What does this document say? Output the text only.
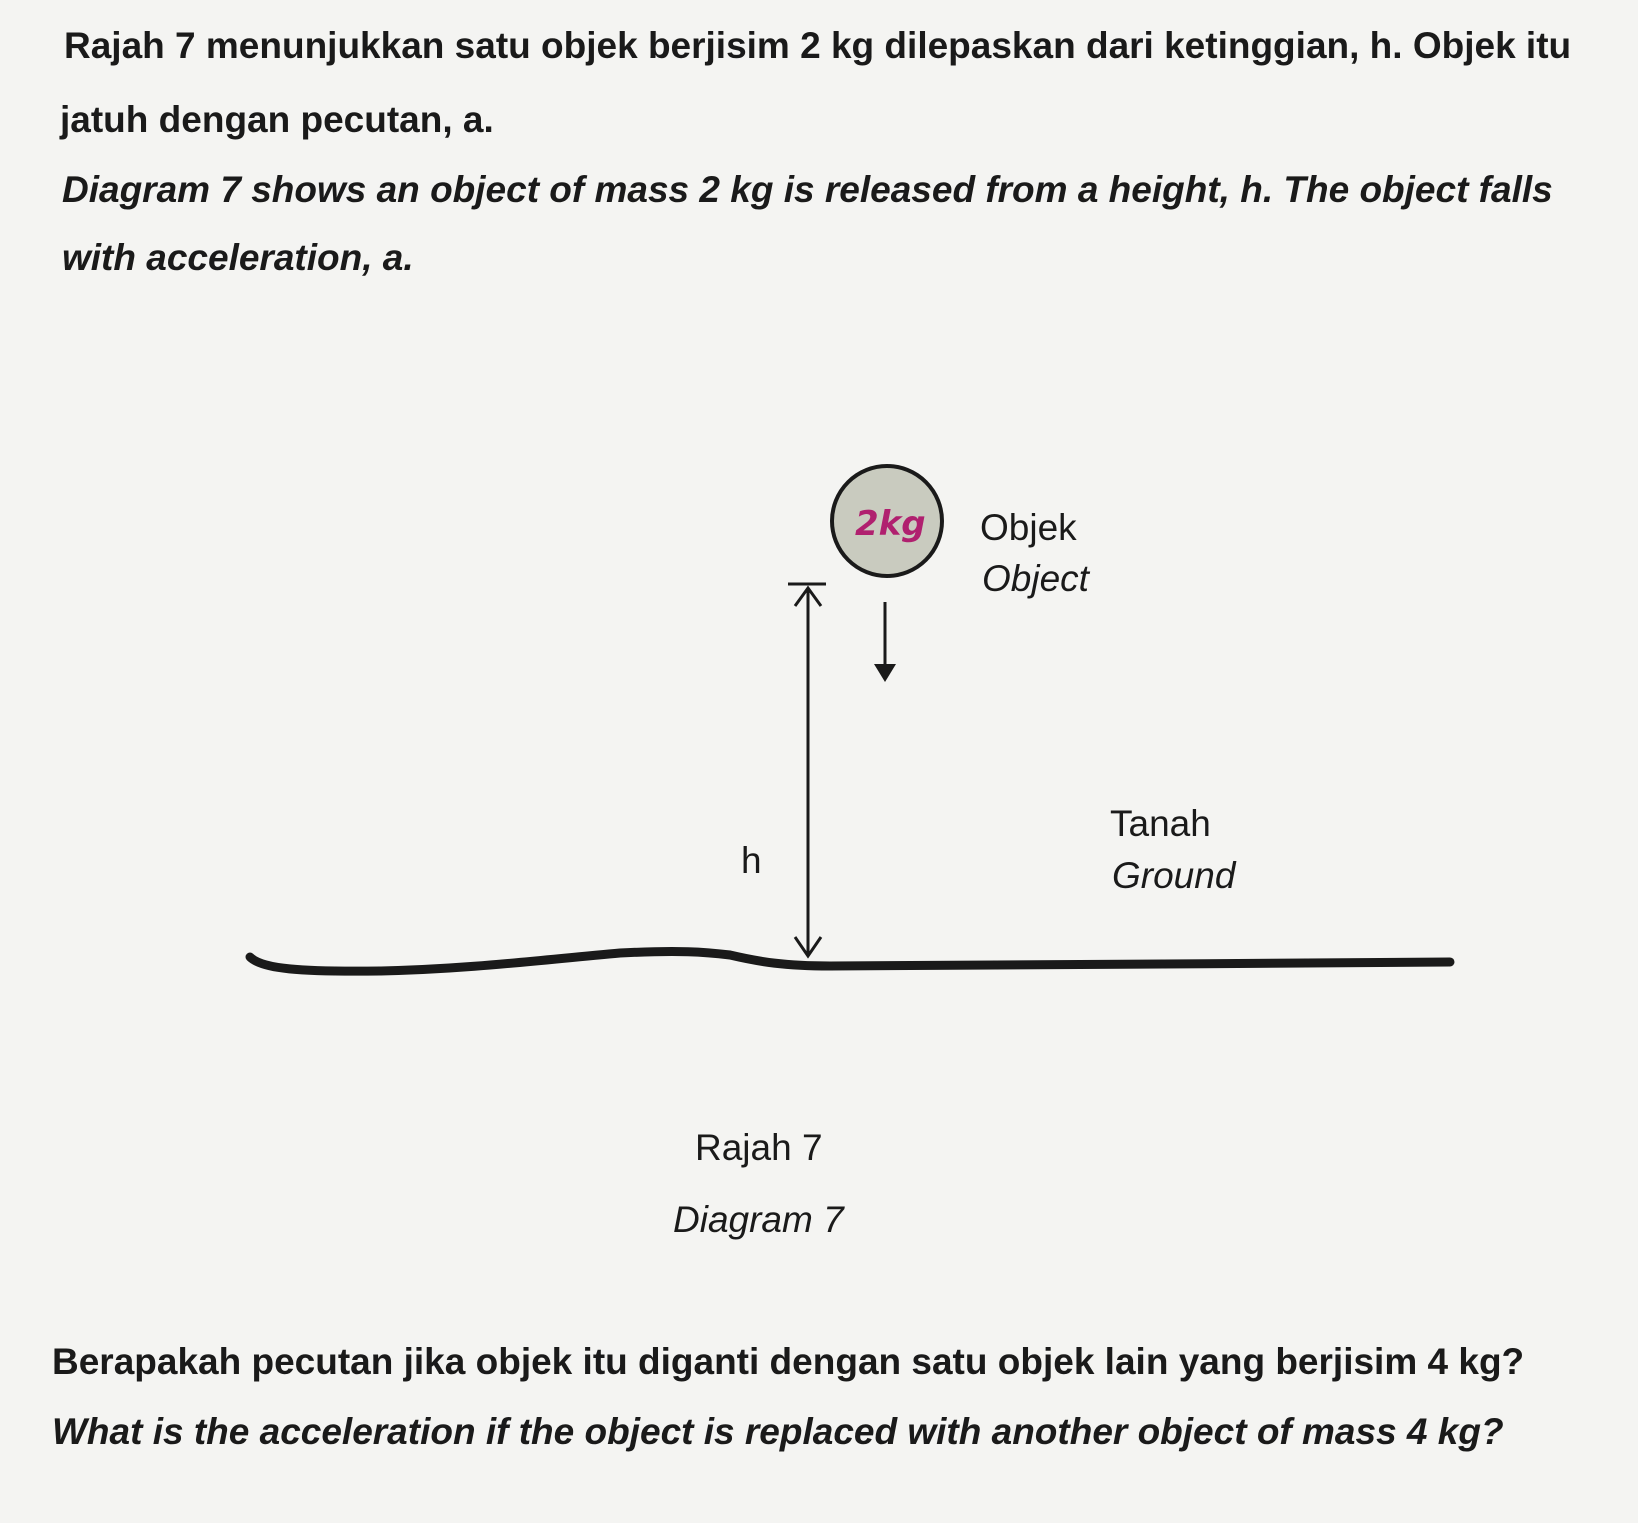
Rajah 7 menunjukkan satu objek berjisim 2 kg dilepaskan dari ketinggian, h. Objek itu

jatuh dengan pecutan, a.

Diagram 7 shows an object of mass 2 kg is released from a height, h. The object falls

with acceleration, a.

2kg Objek
Object
h
Tanah
Ground
Rajah 7
Diagram 7

Berapakah pecutan jika objek itu diganti dengan satu objek lain yang berjisim 4 kg?

What is the acceleration if the object is replaced with another object of mass 4 kg?
